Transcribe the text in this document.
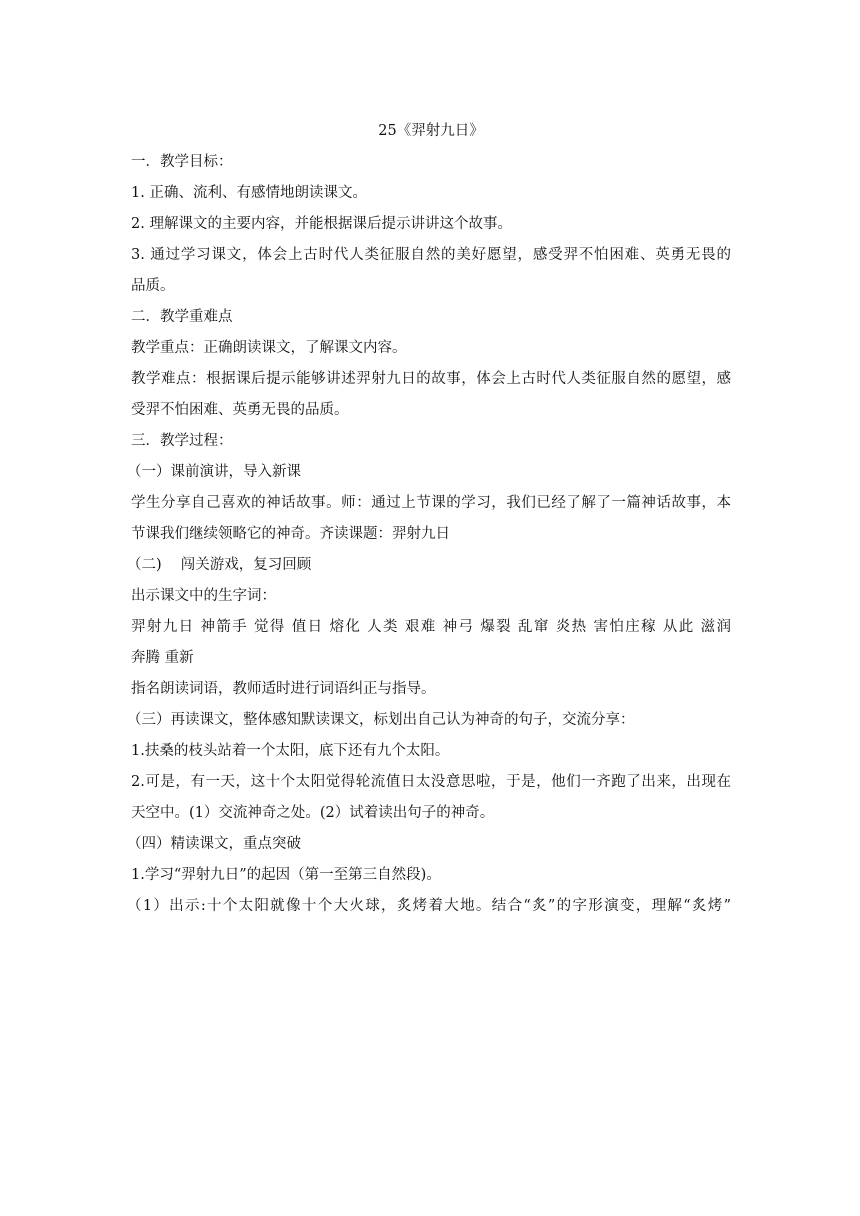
25《羿射九日》

一．教学目标：

1. 正确、流利、有感情地朗读课文。

2. 理解课文的主要内容，并能根据课后提示讲讲这个故事。

3. 通过学习课文，体会上古时代人类征服自然的美好愿望，感受羿不怕困难、英勇无畏的

品质。

二．教学重难点

教学重点：正确朗读课文，了解课文内容。

教学难点：根据课后提示能够讲述羿射九日的故事，体会上古时代人类征服自然的愿望，感

受羿不怕困难、英勇无畏的品质。

三．教学过程：

（一）课前演讲，导入新课

学生分享自己喜欢的神话故事。师：通过上节课的学习，我们已经了解了一篇神话故事，本

节课我们继续领略它的神奇。齐读课题：羿射九日

（二)　 闯关游戏，复习回顾

出示课文中的生字词：

羿射九日 神箭手 觉得 值日 熔化 人类 艰难 神弓 爆裂 乱窜 炎热 害怕庄稼 从此 滋润

奔腾 重新

指名朗读词语，教师适时进行词语纠正与指导。

（三）再读课文，整体感知默读课文，标划出自己认为神奇的句子，交流分享：

1.扶桑的枝头站着一个太阳，底下还有九个太阳。

2.可是，有一天，这十个太阳觉得轮流值日太没意思啦，于是，他们一齐跑了出来，出现在

天空中。(1）交流神奇之处。(2）试着读出句子的神奇。

（四）精读课文，重点突破

1.学习“羿射九日”的起因（第一至第三自然段)。

（1）出示:十个太阳就像十个大火球，炙烤着大地。结合“炙”的字形演变，理解“炙烤”
